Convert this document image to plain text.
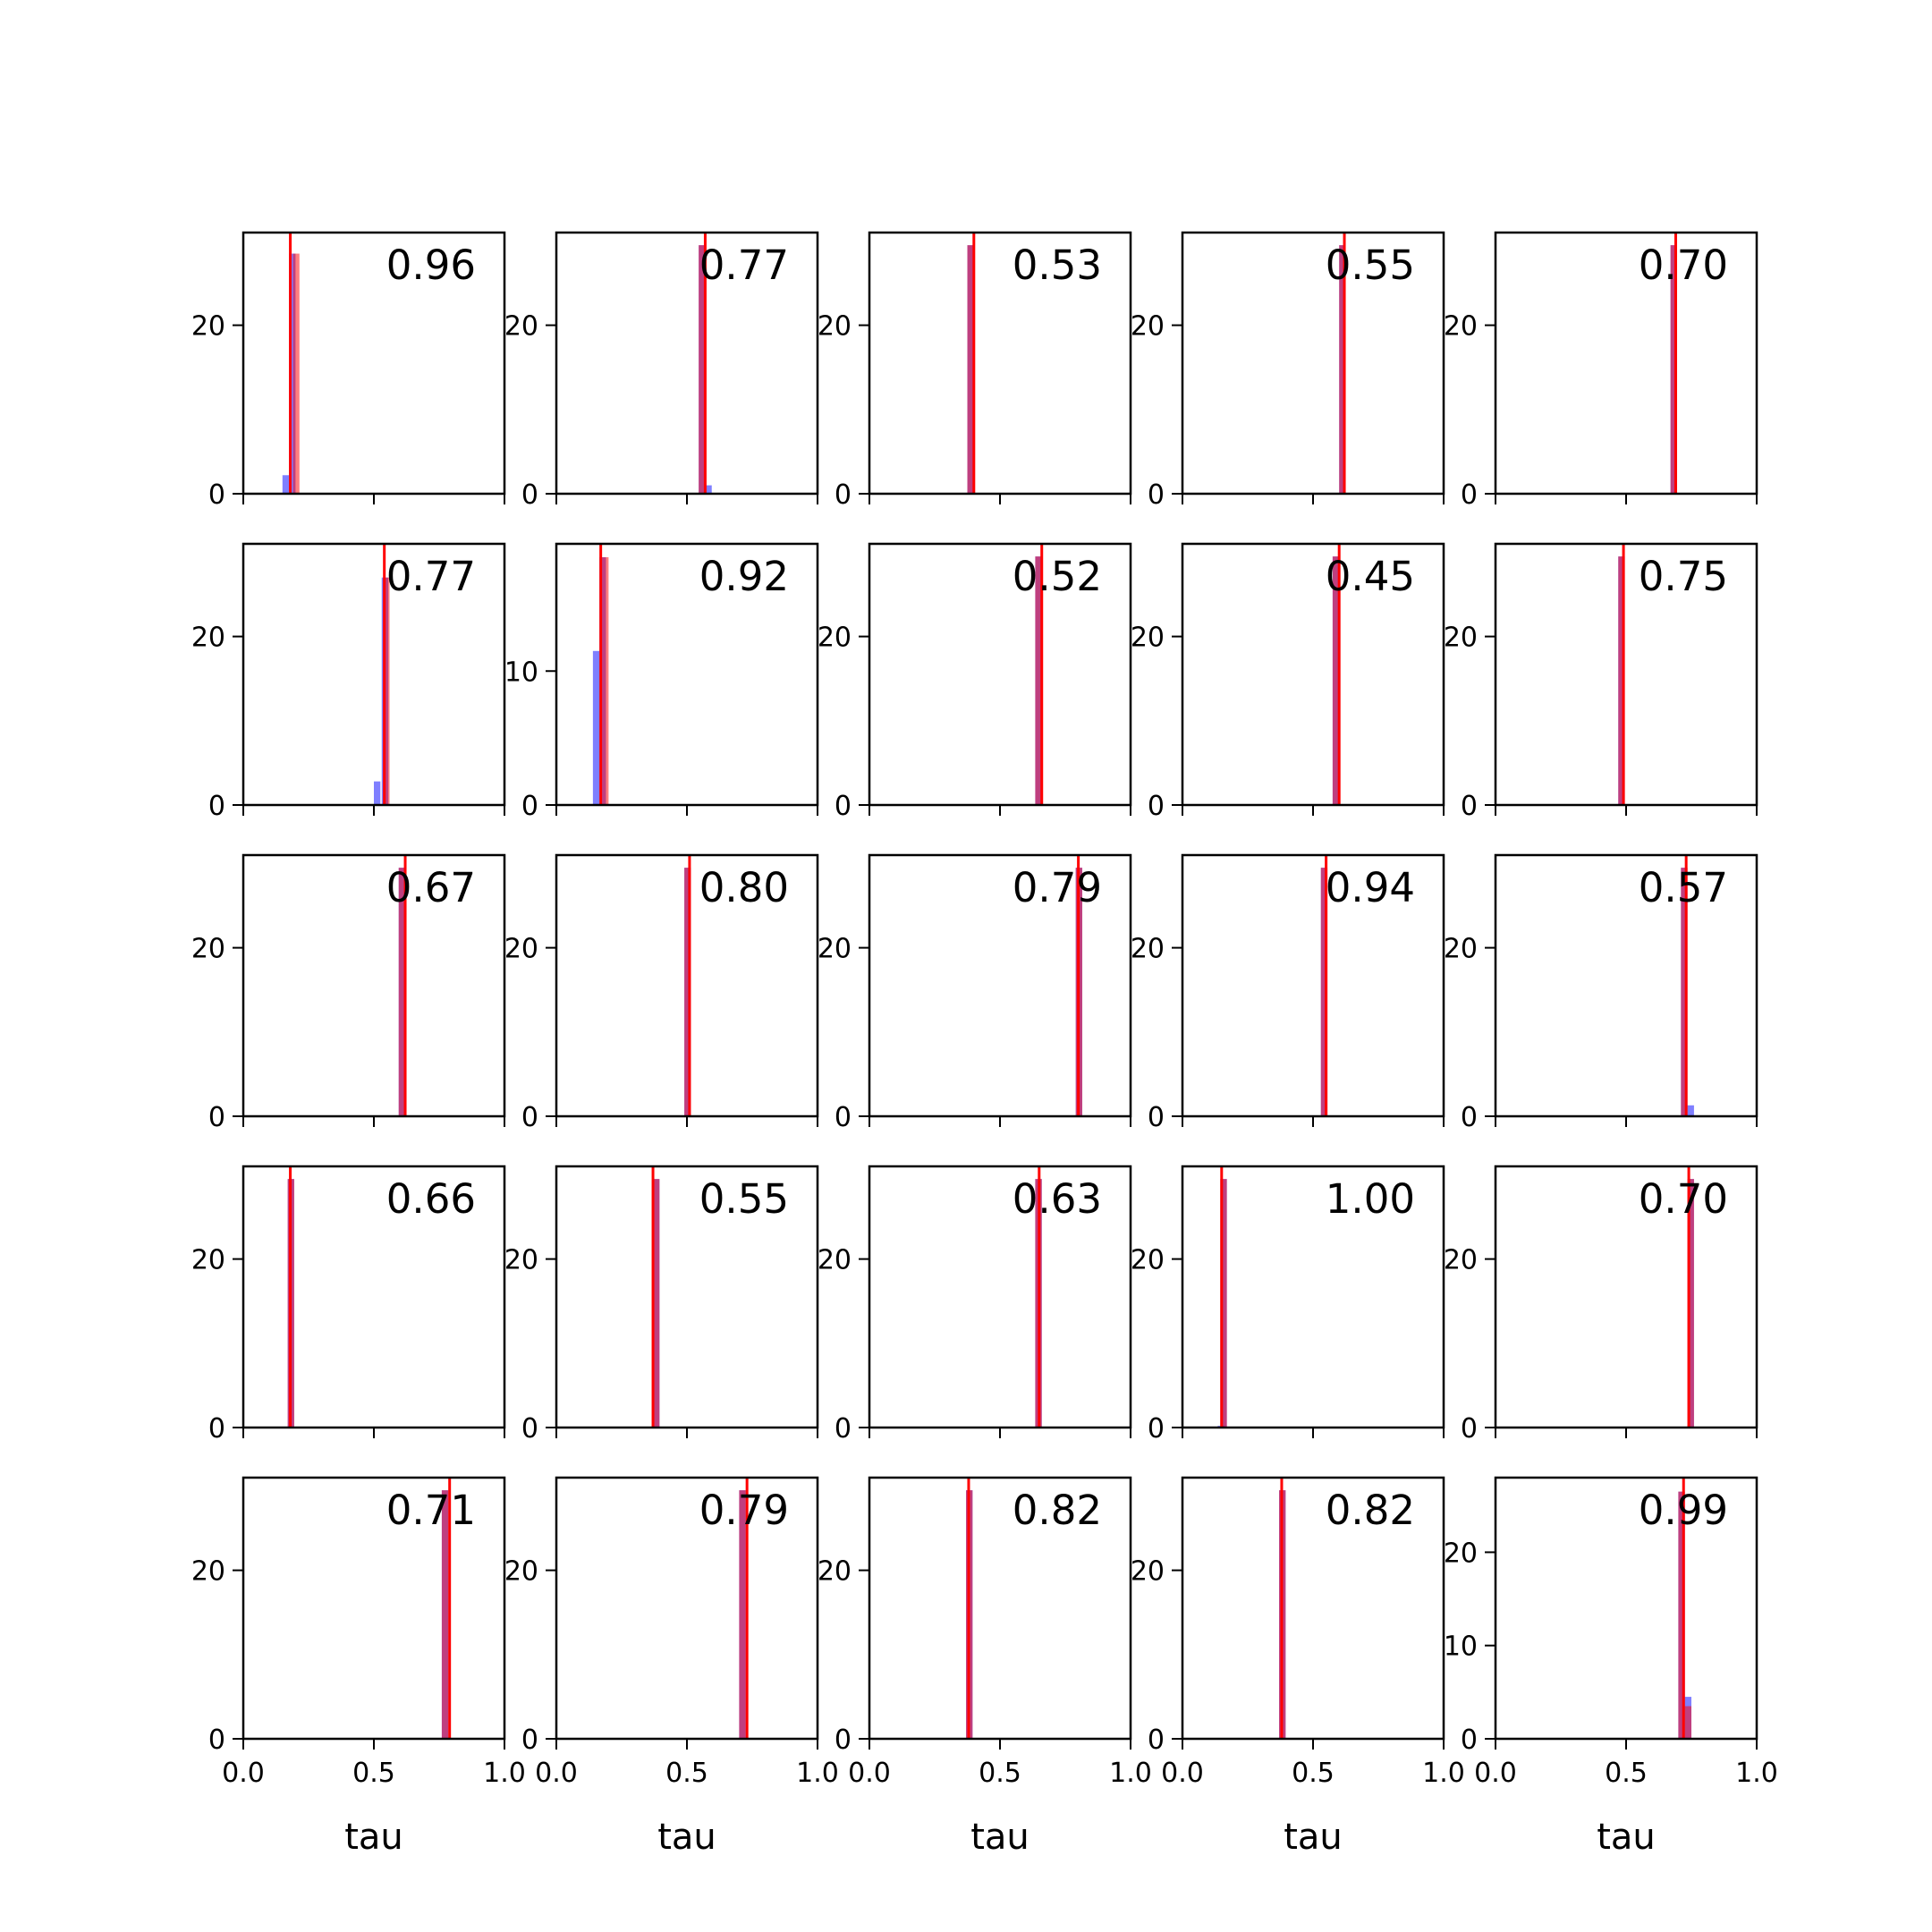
0
20
0.96
0
20
0.77
0
20
0.53
0
20
0.55
0
20
0.70
0
20
0.77
0
10
0.92
0
20
0.52
0
20
0.45
0
20
0.75
0
20
0.67
0
20
0.80
0
20
0.79
0
20
0.94
0
20
0.57
0
20
0.66
0
20
0.55
0
20
0.63
0
20
1.00
0
20
0.70
0.0	0.5	1.0
0
20
0.71
tau
0.0	0.5	1.0
0
20
0.79
tau
0.0	0.5	1.0
0
20
0.82
tau
0.0	0.5	1.0
0
20
0.82
tau
0.0	0.5	1.0
0
10
20
0.99
tau
